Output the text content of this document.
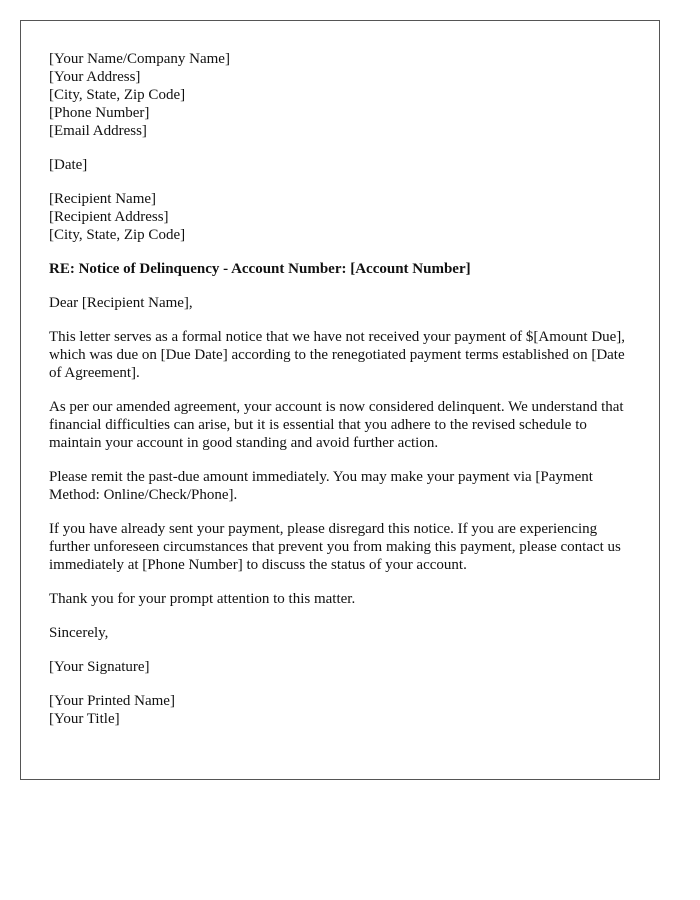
[Your Name/Company Name]
[Your Address]
[City, State, Zip Code]
[Phone Number]
[Email Address]
[Date]
[Recipient Name]
[Recipient Address]
[City, State, Zip Code]

RE: Notice of Delinquency - Account Number: [Account Number]

Dear [Recipient Name],

This letter serves as a formal notice that we have not received your payment of $[Amount Due], which was due on [Due Date] according to the renegotiated payment terms established on [Date of Agreement].

As per our amended agreement, your account is now considered delinquent. We understand that financial difficulties can arise, but it is essential that you adhere to the revised schedule to maintain your account in good standing and avoid further action.

Please remit the past-due amount immediately. You may make your payment via [Payment Method: Online/Check/Phone].

If you have already sent your payment, please disregard this notice. If you are experiencing further unforeseen circumstances that prevent you from making this payment, please contact us immediately at [Phone Number] to discuss the status of your account.

Thank you for your prompt attention to this matter.

Sincerely,

[Your Signature]

[Your Printed Name]
[Your Title]
